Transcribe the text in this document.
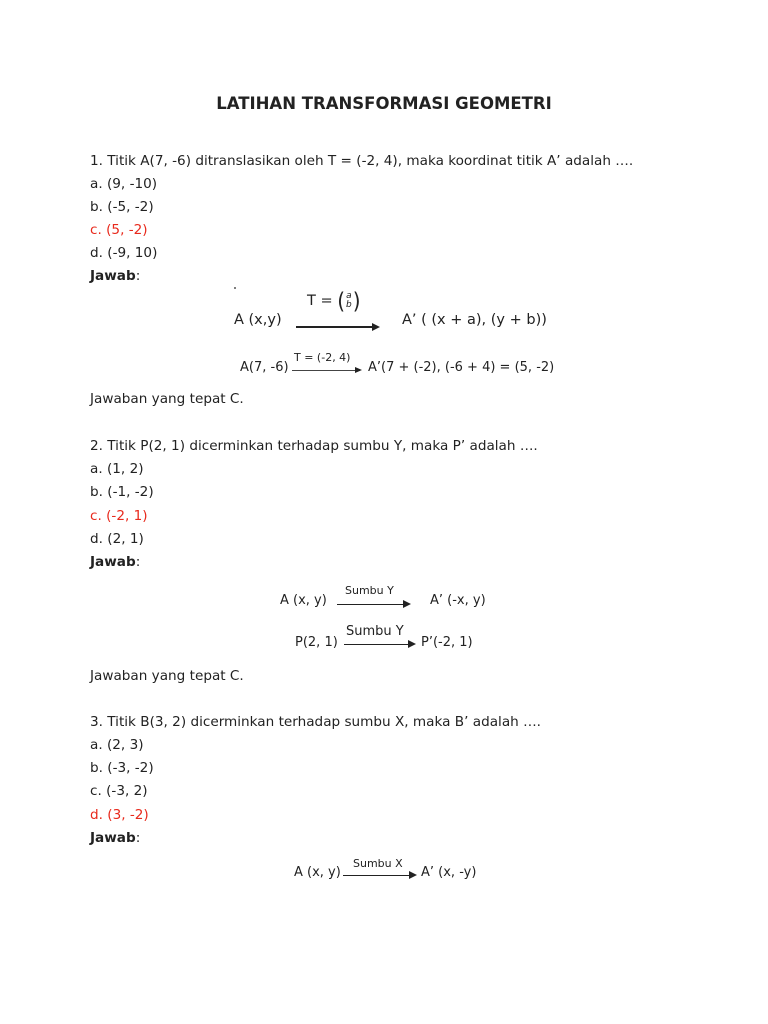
LATIHAN TRANSFORMASI GEOMETRI
1. Titik A(7, -6) ditranslasikan oleh T = (-2, 4), maka koordinat titik A’ adalah ….
a. (9, -10)
b. (-5, -2)
c. (5, -2)
d. (-9, 10)
Jawab:
T = ( a
b )
A (x,y)	A’ ( (x + a), (y + b))
T = (-2, 4)
A(7, -6)	A’(7 + (-2), (-6 + 4) = (5, -2)
Jawaban yang tepat C.
2. Titik P(2, 1) dicerminkan terhadap sumbu Y, maka P’ adalah ….
a. (1, 2)
b. (-1, -2)
c. (-2, 1)
d. (2, 1)
Jawab:
Sumbu Y
A (x, y)	A’ (-x, y)
Sumbu Y
P(2, 1)	P’(-2, 1)
Jawaban yang tepat C.
3. Titik B(3, 2) dicerminkan terhadap sumbu X, maka B’ adalah ….
a. (2, 3)
b. (-3, -2)
c. (-3, 2)
d. (3, -2)
Jawab:
Sumbu X
A (x, y)	A’ (x, -y)
